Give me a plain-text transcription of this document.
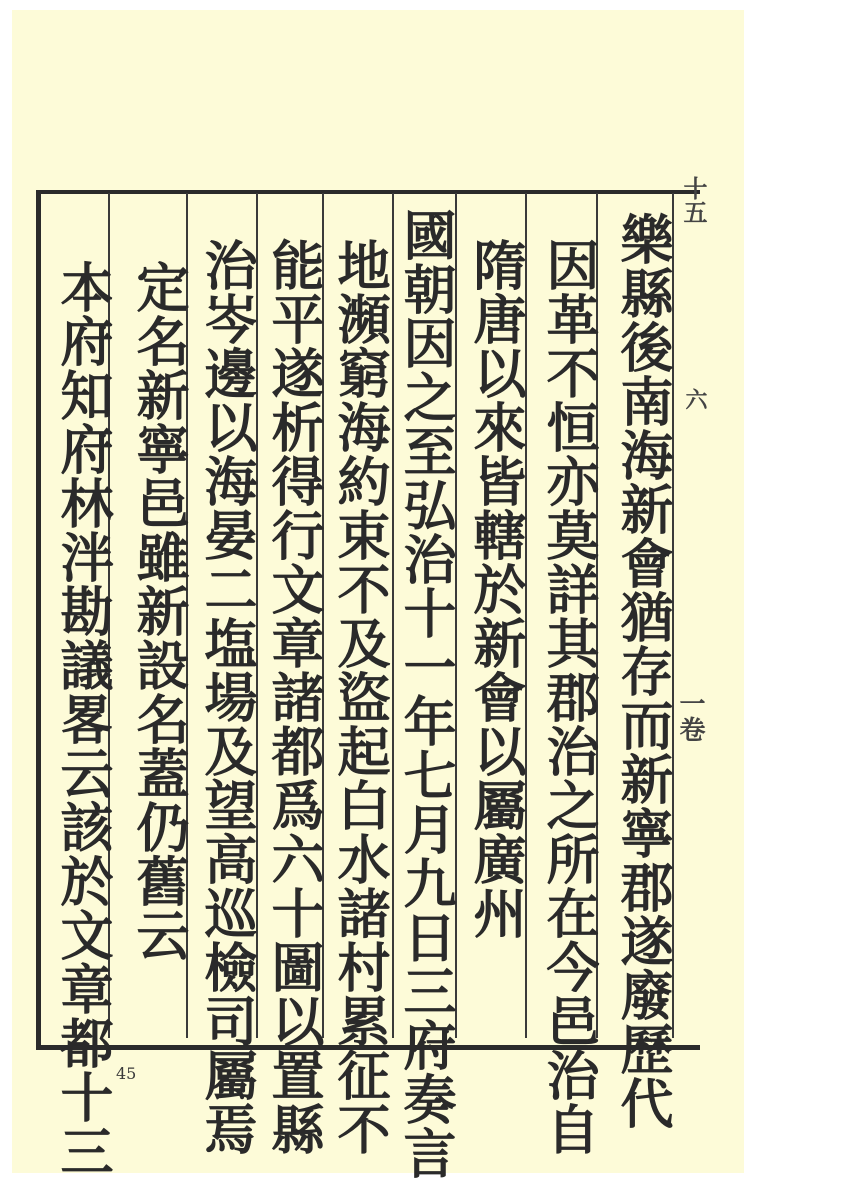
樂縣後南海新會猶存而新寧郡遂廢歷代
因革不恒亦莫詳其郡治之所在今邑治自
隋唐以來皆轄於新會以屬廣州
國朝因之至弘治十一年七月九日三府奏言
地瀕窮海約束不及盜起白水諸村累征不
能平遂析得行文章諸都爲六十圖以置縣
治岑邊以海晏二塩場及望高巡檢司屬焉
定名新寧邑雖新設名蓋仍舊云
本府知府林泮勘議畧云該於文章都十三
十五
六
一卷
45
